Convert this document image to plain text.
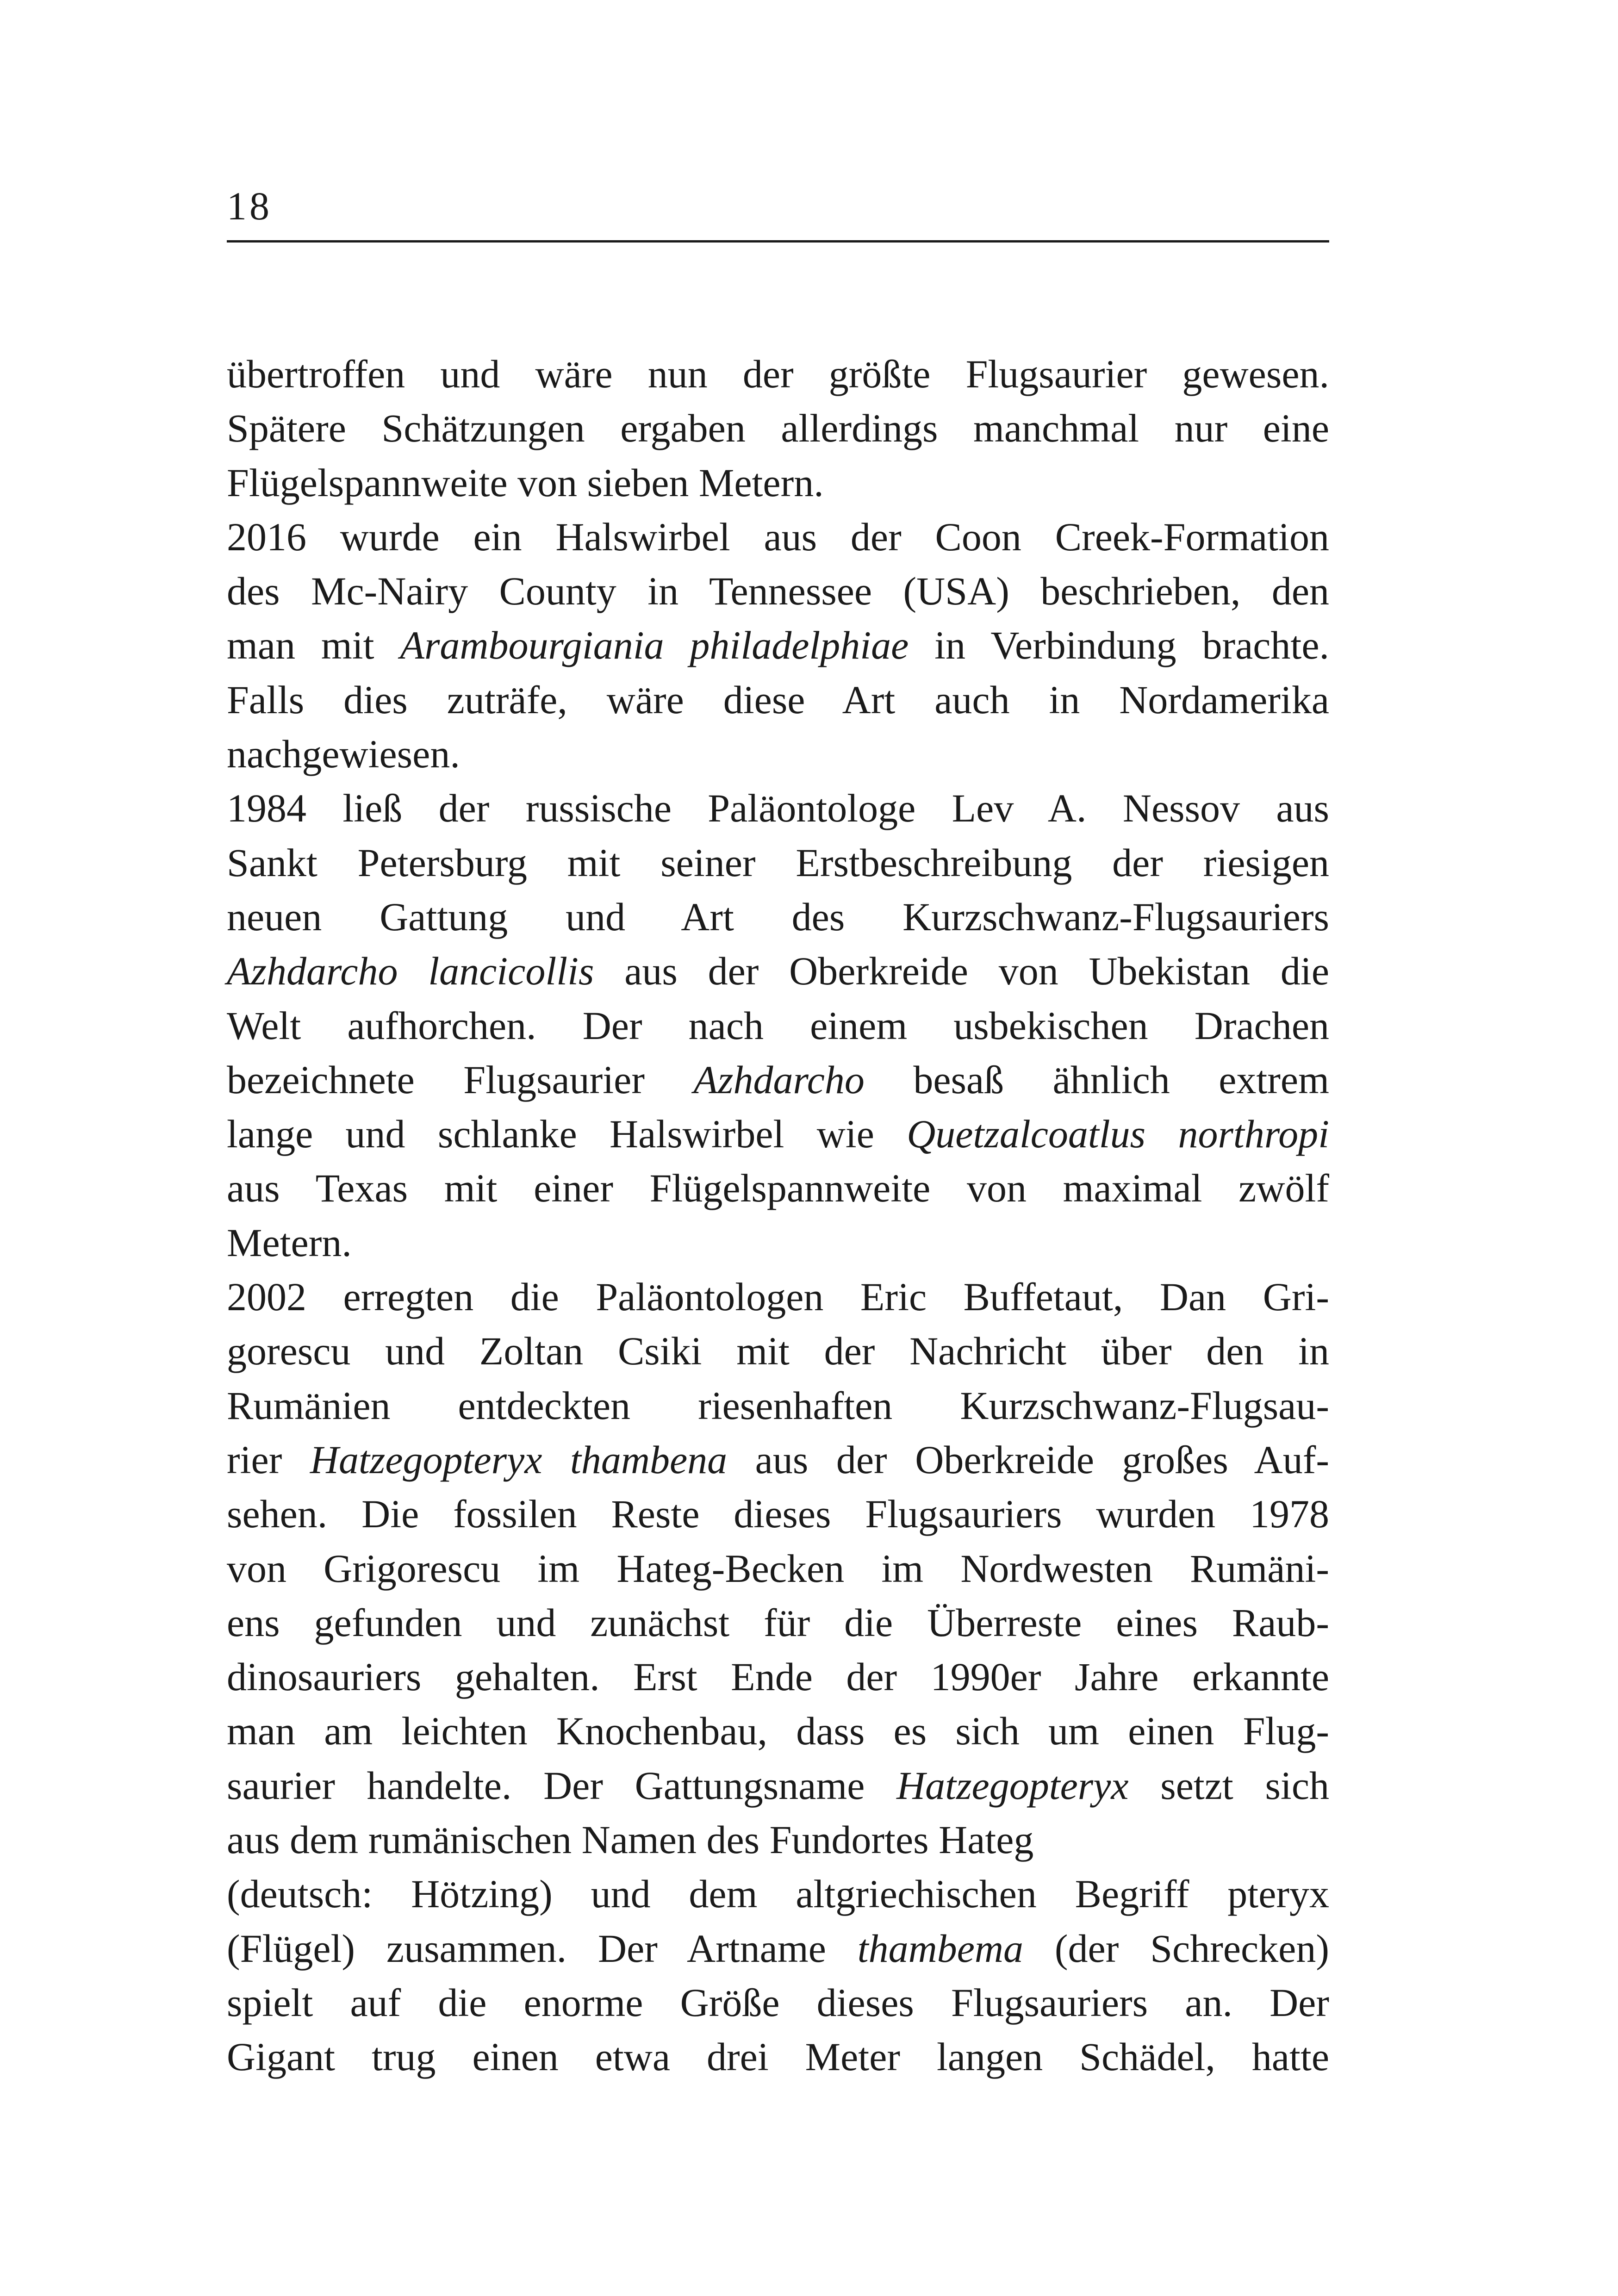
18
übertroffen und wäre nun der größte Flugsaurier gewesen.
Spätere Schätzungen ergaben allerdings manchmal nur eine
Flügelspannweite von sieben Metern.
2016 wurde ein Halswirbel aus der Coon Creek-Formation
des Mc-Nairy County in Tennessee (USA) beschrieben, den
man mit Arambourgiania philadelphiae in Verbindung brachte.
Falls dies zuträfe, wäre diese Art auch in Nordamerika
nachgewiesen.
1984 ließ der russische Paläontologe Lev A. Nessov aus
Sankt Petersburg mit seiner Erstbeschreibung der riesigen
neuen Gattung und Art des Kurzschwanz-Flugsauriers
Azhdarcho lancicollis aus der Oberkreide von Ubekistan die
Welt aufhorchen. Der nach einem usbekischen Drachen
bezeichnete Flugsaurier Azhdarcho besaß ähnlich extrem
lange und schlanke Halswirbel wie Quetzalcoatlus northropi
aus Texas mit einer Flügelspannweite von maximal zwölf
Metern.
2002 erregten die Paläontologen Eric Buffetaut, Dan Gri-
gorescu und Zoltan Csiki mit der Nachricht über den in
Rumänien entdeckten riesenhaften Kurzschwanz-Flugsau-
rier Hatzegopteryx thambena aus der Oberkreide großes Auf-
sehen. Die fossilen Reste dieses Flugsauriers wurden 1978
von Grigorescu im Hateg-Becken im Nordwesten Rumäni-
ens gefunden und zunächst für die Überreste eines Raub-
dinosauriers gehalten. Erst Ende der 1990er Jahre erkannte
man am leichten Knochenbau, dass es sich um einen Flug-
saurier handelte. Der Gattungsname Hatzegopteryx setzt sich
aus dem rumänischen Namen des Fundortes Hateg
(deutsch: Hötzing) und dem altgriechischen Begriff pteryx
(Flügel) zusammen. Der Artname thambema (der Schrecken)
spielt auf die enorme Größe dieses Flugsauriers an. Der
Gigant trug einen etwa drei Meter langen Schädel, hatte
